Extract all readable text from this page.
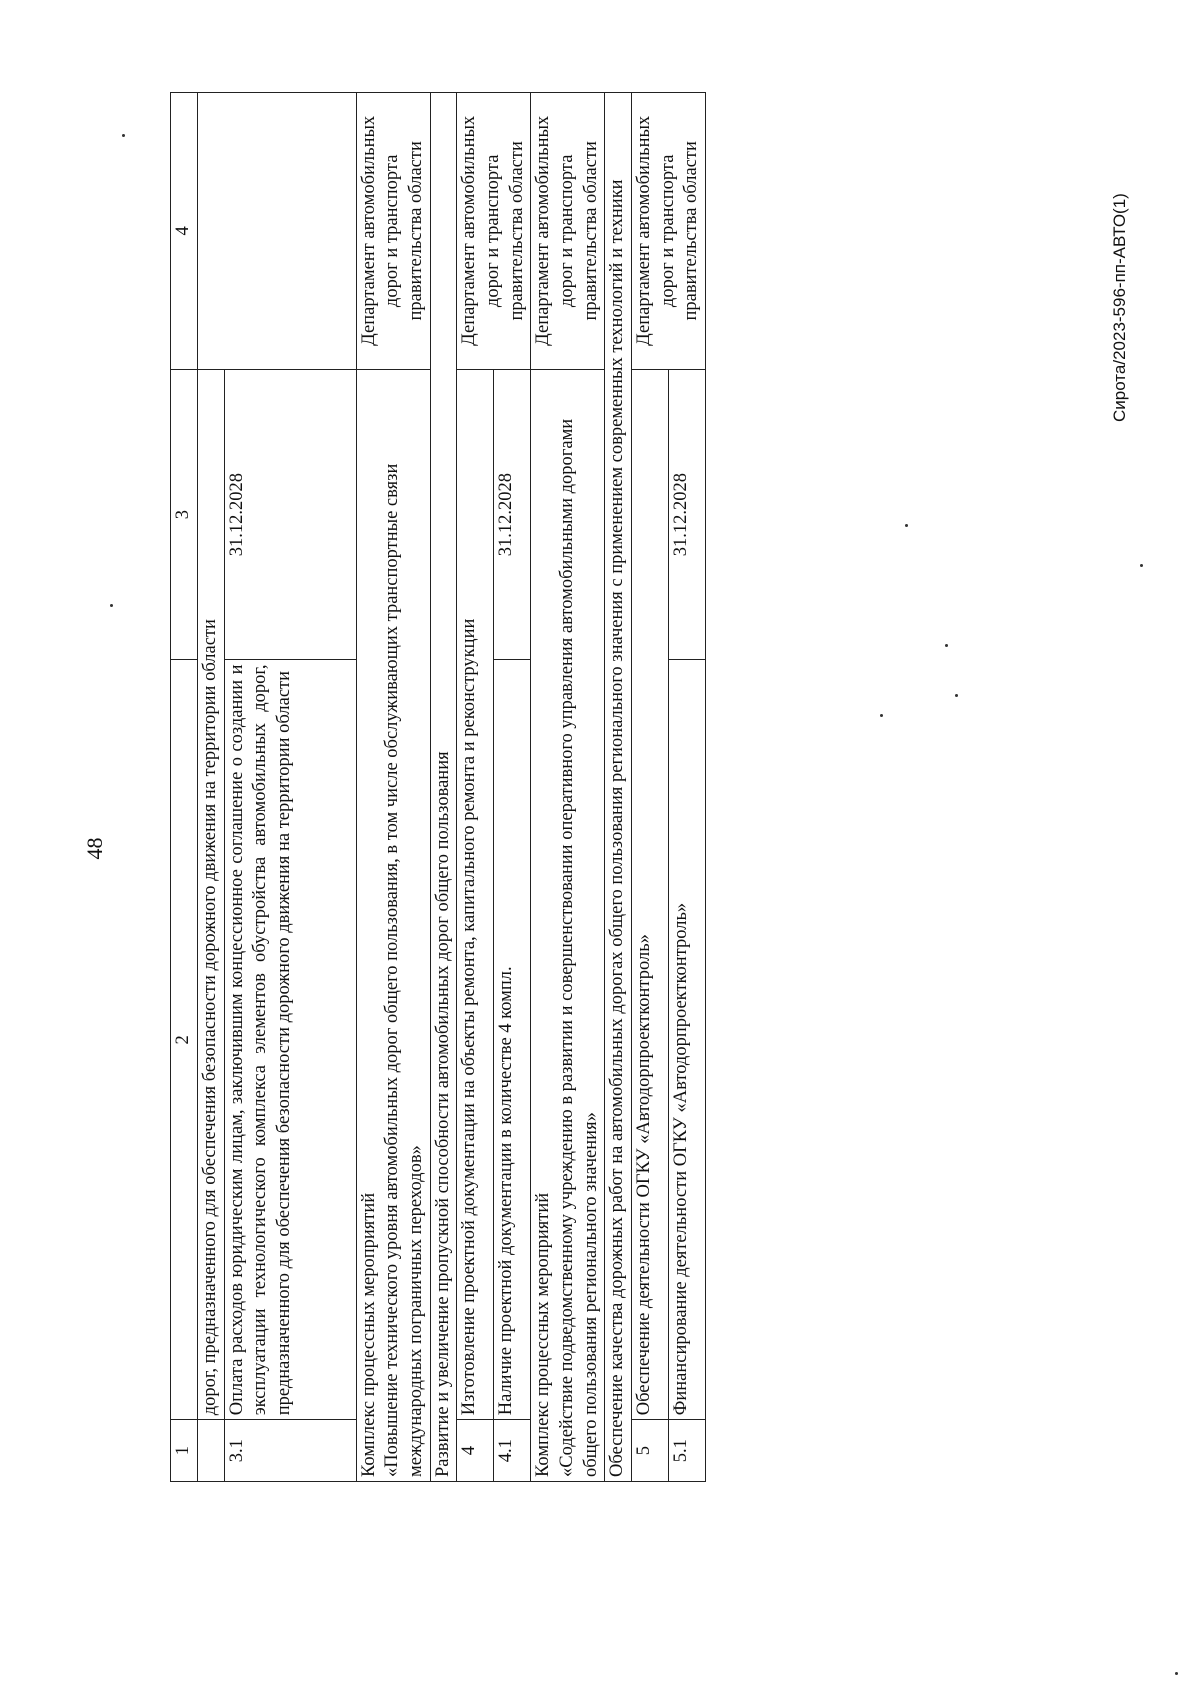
48
1	2	3	4
	дорог, предназначенного для обеспечения безопасности дорожного движения на территории области		
3.1	Оплата расходов юридическим лицам, заключившим концессионное соглашение о создании и эксплуатации технологического комплекса элементов обустройства автомобильных дорог, предназначенного для обеспечения безопасности дорожного движения на территории области	31.12.2028	

Комплекс процессных мероприятий «Повышение технического уровня автомобильных дорог общего пользования, в том числе обслуживающих транспортные связи международных пограничных переходов»			Департамент автомобильных дорог и транспорта правительства области
Развитие и увеличение пропускной способности автомобильных дорог общего пользования			
4	Изготовление проектной документации на объекты ремонта, капитального ремонта и реконструкции		Департамент автомобильных дорог и транспорта правительства области
4.1	Наличие проектной документации в количестве 4 компл.	31.12.2028	

Комплекс процессных мероприятий «Содействие подведомственному учреждению в развитии и совершенствовании оперативного управления автомобильными дорогами общего пользования регионального значения»			Департамент автомобильных дорог и транспорта правительства области
Обеспечение качества дорожных работ на автомобильных дорогах общего пользования регионального значения с применением современных технологий и техники			
5	Обеспечение деятельности ОГКУ «Автодорпроектконтроль»		Департамент автомобильных дорог и транспорта правительства области
5.1	Финансирование деятельности ОГКУ «Автодорпроектконтроль»	31.12.2028	
Сирота/2023-596-пп-АВТО(1)
